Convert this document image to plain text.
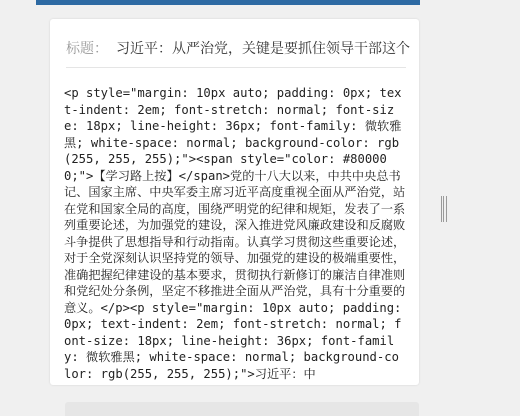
标题： 习近平：从严治党，关键是要抓住领导干部这个
<p style="margin: 10px auto; padding: 0px; text-indent: 2em; font-stretch: normal; font-size: 18px; line-height: 36px; font-family: 微软雅黑; white-space: normal; background-color: rgb(255, 255, 255);"><span style="color: #800000;">【学习路上按】</span>党的十八大以来，中共中央总书记、国家主席、中央军委主席习近平高度重视全面从严治党，站在党和国家全局的高度，围绕严明党的纪律和规矩，发表了一系列重要论述，为加强党的建设，深入推进党风廉政建设和反腐败斗争提供了思想指导和行动指南。认真学习贯彻这些重要论述，对于全党深刻认识坚持党的领导、加强党的建设的极端重要性，准确把握纪律建设的基本要求，贯彻执行新修订的廉洁自律准则和党纪处分条例，坚定不移推进全面从严治党，具有十分重要的意义。</p><p style="margin: 10px auto; padding: 0px; text-indent: 2em; font-stretch: normal; font-size: 18px; line-height: 36px; font-family: 微软雅黑; white-space: normal; background-color: rgb(255, 255, 255);">习近平：中
